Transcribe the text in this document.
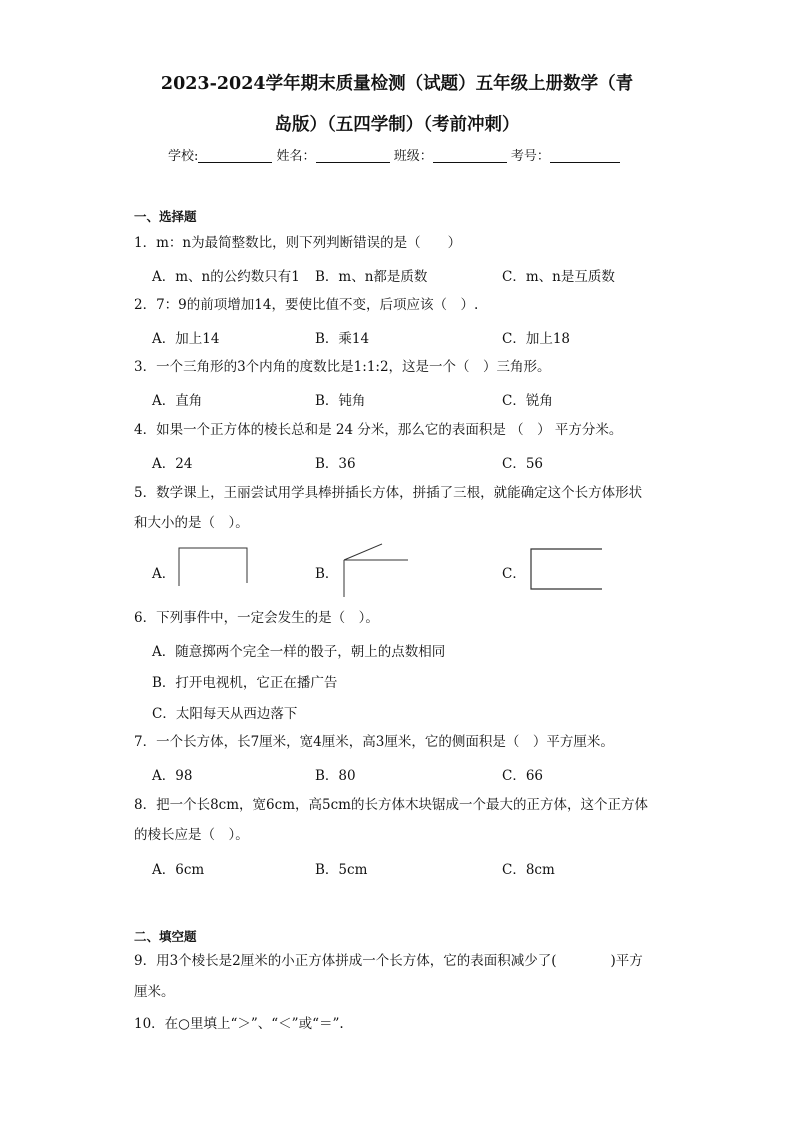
2023-2024学年期末质量检测（试题）五年级上册数学（青
岛版）（五四学制）（考前冲刺）
学校:	姓名：	班级：	考号：
一、选择题
1．m：n为最简整数比，则下列判断错误的是（　　）
A．m、n的公约数只有1 B．m、n都是质数	C．m、n是互质数
2．7：9的前项增加14，要使比值不变，后项应该（　）.
A．加上14	B．乘14	C．加上18
3．一个三角形的3个内角的度数比是1:1:2，这是一个（　）三角形。
A．直角	B．钝角	C．锐角
4．如果一个正方体的棱长总和是 24 分米，那么它的表面积是 （　） 平方分米。
A．24	B．36	C．56
5．数学课上，王丽尝试用学具棒拼插长方体，拼插了三根，就能确定这个长方体形状
和大小的是（　）。
A．	B．	C．
6．下列事件中，一定会发生的是（　）。
A．随意掷两个完全一样的骰子，朝上的点数相同
B．打开电视机，它正在播广告
C．太阳每天从西边落下
7．一个长方体，长7厘米，宽4厘米，高3厘米，它的侧面积是（　）平方厘米。
A．98	B．80	C．66
8．把一个长8cm，宽6cm，高5cm的长方体木块锯成一个最大的正方体，这个正方体
的棱长应是（　）。
A．6cm	B．5cm	C．8cm
二、填空题
9．用3个棱长是2厘米的小正方体拼成一个长方体，它的表面积减少了(　　　　)平方
厘米。
10．在○里填上“＞”、“＜”或“＝”.
